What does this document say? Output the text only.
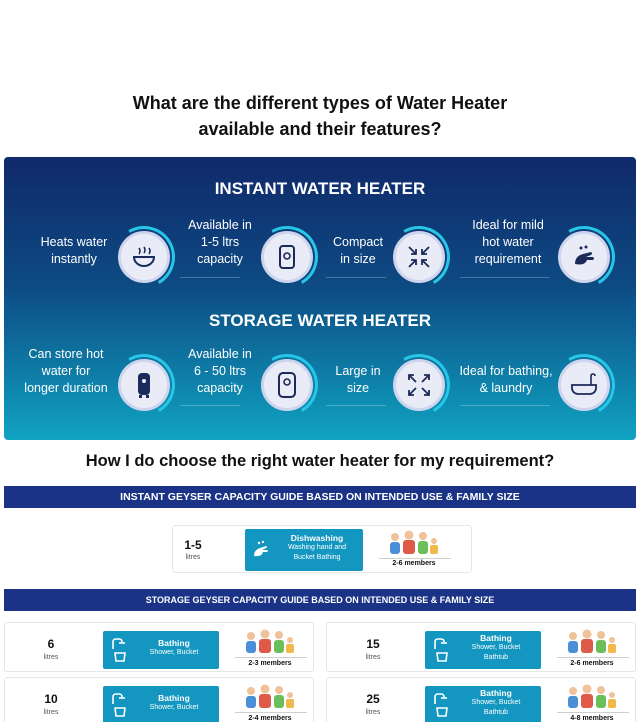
What are the different types of Water Heater
available and their features?
INSTANT WATER HEATER
Heats water
instantly
Available in
1-5 ltrs
capacity
Compact
in size
Ideal for mild
hot water
requirement
STORAGE WATER HEATER
Can store hot
water for
longer duration
Available in
6 - 50 ltrs
capacity
Large in
size
Ideal for bathing,
& laundry
How I do choose the right water heater for my requirement?
INSTANT GEYSER CAPACITY GUIDE BASED ON INTENDED USE & FAMILY SIZE
1-5
litres
Dishwashing
Washing hand and
Bucket Bathing
2-6 members
STORAGE GEYSER CAPACITY GUIDE BASED ON INTENDED USE & FAMILY SIZE
6
litres
Bathing
Shower, Bucket
2-3 members
15
litres
Bathing
Shower, Bucket
Bathtub
2-6 members
10
litres
Bathing
Shower, Bucket
2-4 members
25
litres
Bathing
Shower, Bucket
Bathtub
4-8 members
